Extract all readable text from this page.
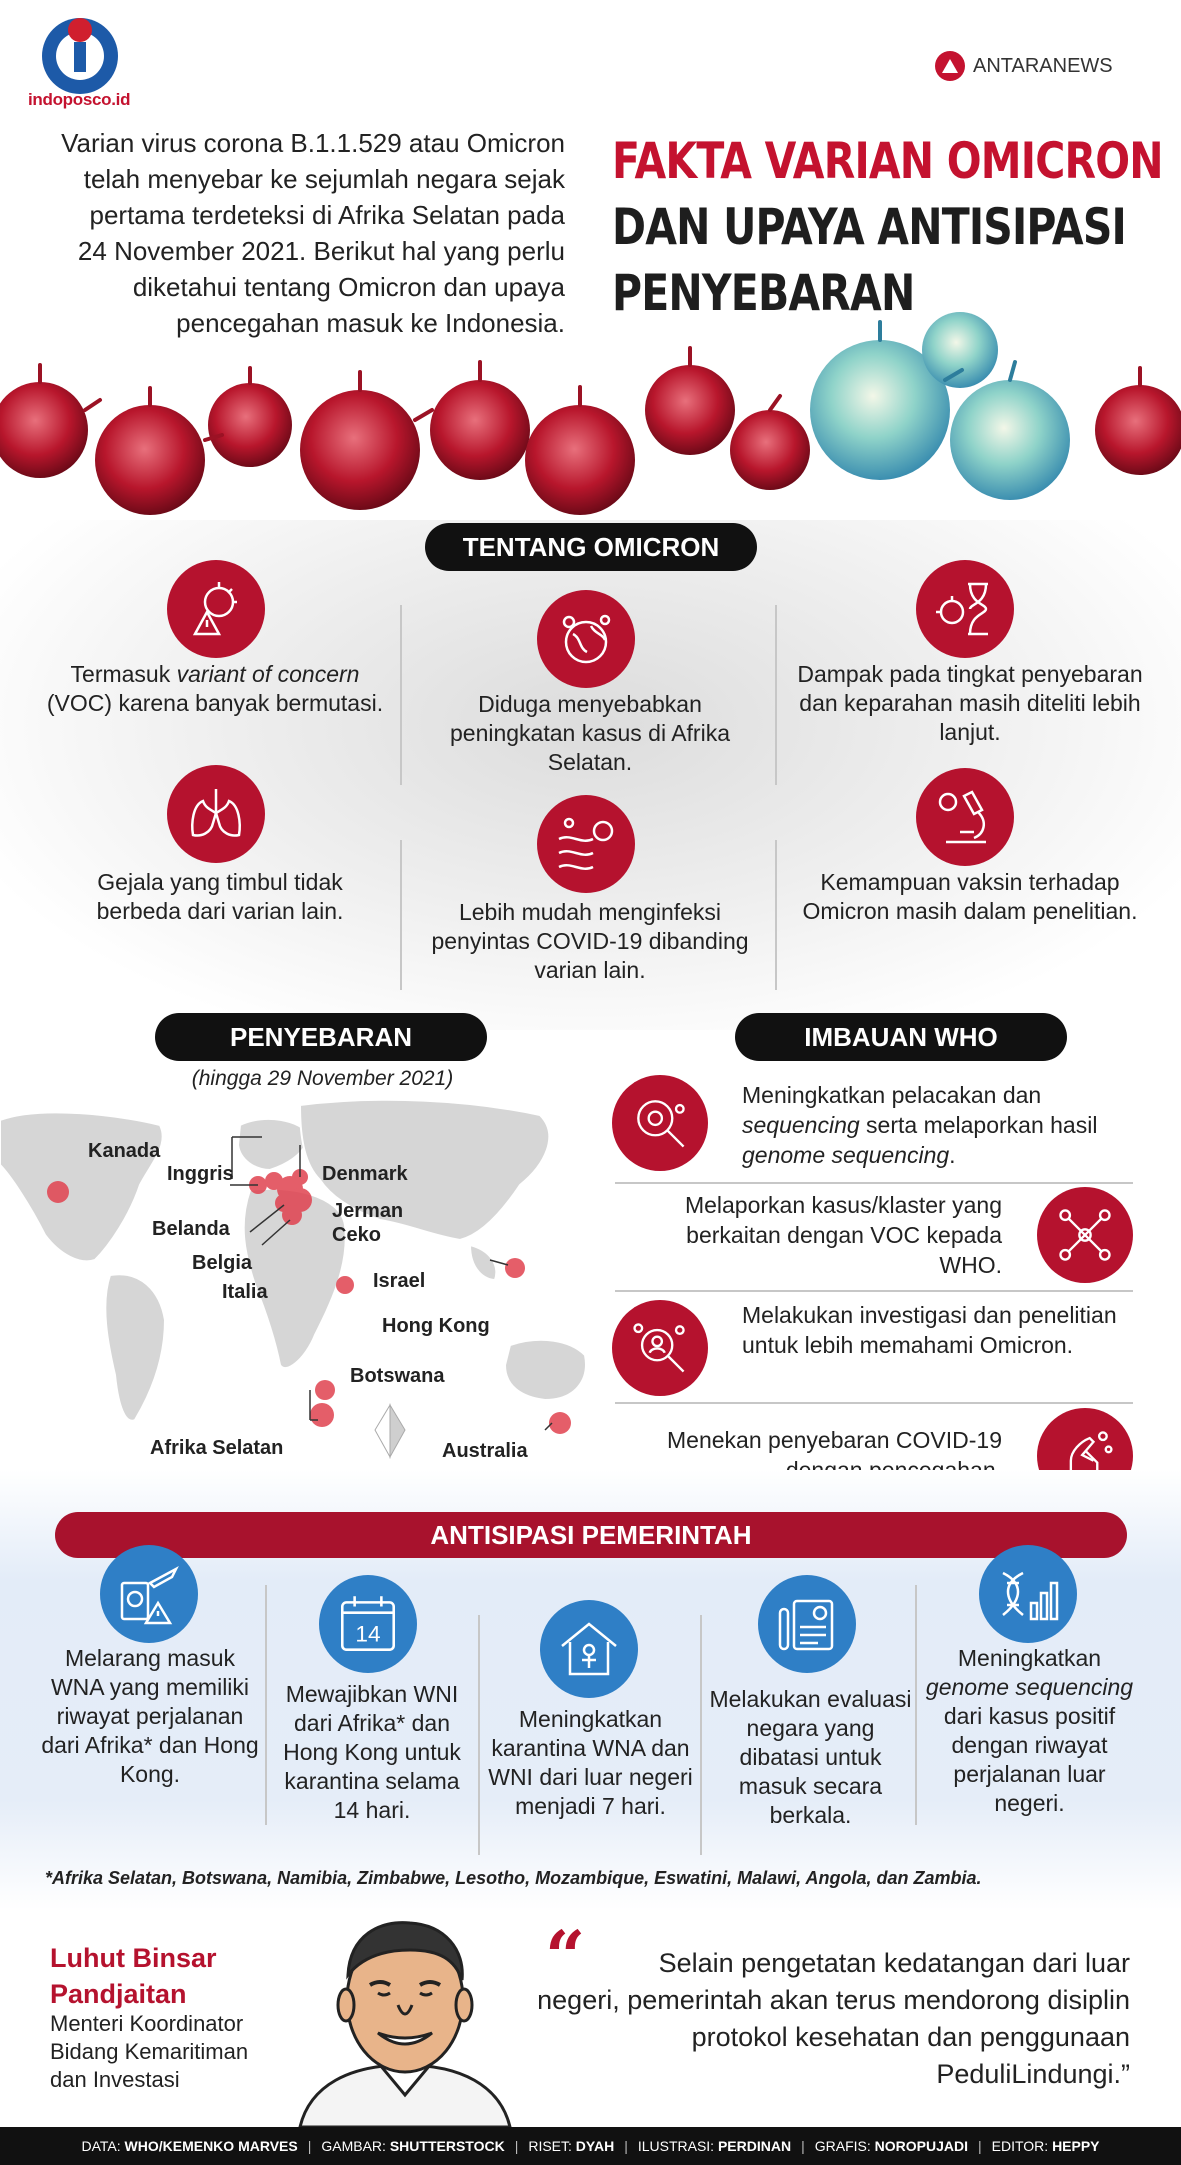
indoposco.id
ANTARANEWS
Varian virus corona B.1.1.529 atau Omicron telah menyebar ke sejumlah negara sejak pertama terdeteksi di Afrika Selatan pada 24 November 2021. Berikut hal yang perlu diketahui tentang Omicron dan upaya pencegahan masuk ke Indonesia.
FAKTA VARIAN OMICRON
DAN UPAYA ANTISIPASI
PENYEBARAN
TENTANG OMICRON
Termasuk variant of concern (VOC) karena banyak bermutasi.	Diduga menyebabkan peningkatan kasus di Afrika Selatan.
Dampak pada tingkat penyebaran dan keparahan masih diteliti lebih lanjut.
Gejala yang timbul tidak berbeda dari varian lain.	Lebih mudah menginfeksi penyintas COVID-19 dibanding varian lain.
Kemampuan vaksin terhadap Omicron masih dalam penelitian.
PENYEBARAN
(hingga 29 November 2021)
Kanada
Inggris	Denmark
Jerman
Belanda	Ceko
Belgia
Italia	Israel
Hong Kong
Botswana
Afrika Selatan	Australia
IMBAUAN WHO
Meningkatkan pelacakan dan sequencing serta melaporkan hasil genome sequencing.
Melaporkan kasus/klaster yang berkaitan dengan VOC kepada WHO.
Melakukan investigasi dan penelitian untuk lebih memahami Omicron.
Menekan penyebaran COVID-19
ANTISIPASI PEMERINTAH
Melarang masuk WNA yang memiliki riwayat perjalanan dari Afrika* dan Hong Kong.
14
Mewajibkan WNI dari Afrika* dan Hong Kong untuk karantina selama 14 hari.
Meningkatkan karantina WNA dan WNI dari luar negeri menjadi 7 hari.
Melakukan evaluasi negara yang dibatasi untuk masuk secara berkala.
Meningkatkan genome sequencing dari kasus positif dengan riwayat perjalanan luar negeri.
*Afrika Selatan, Botswana, Namibia, Zimbabwe, Lesotho, Mozambique, Eswatini, Malawi, Angola, dan Zambia.
Luhut Binsar Pandjaitan
Menteri Koordinator Bidang Kemaritiman dan Investasi
“	Selain pengetatan kedatangan dari luar negeri, pemerintah akan terus mendorong disiplin protokol kesehatan dan penggunaan PeduliLindungi.”
DATA: WHO/KEMENKO MARVES | GAMBAR: SHUTTERSTOCK | RISET: DYAH | ILUSTRASI: PERDINAN | GRAFIS: NOROPUJADI | EDITOR: HEPPY
